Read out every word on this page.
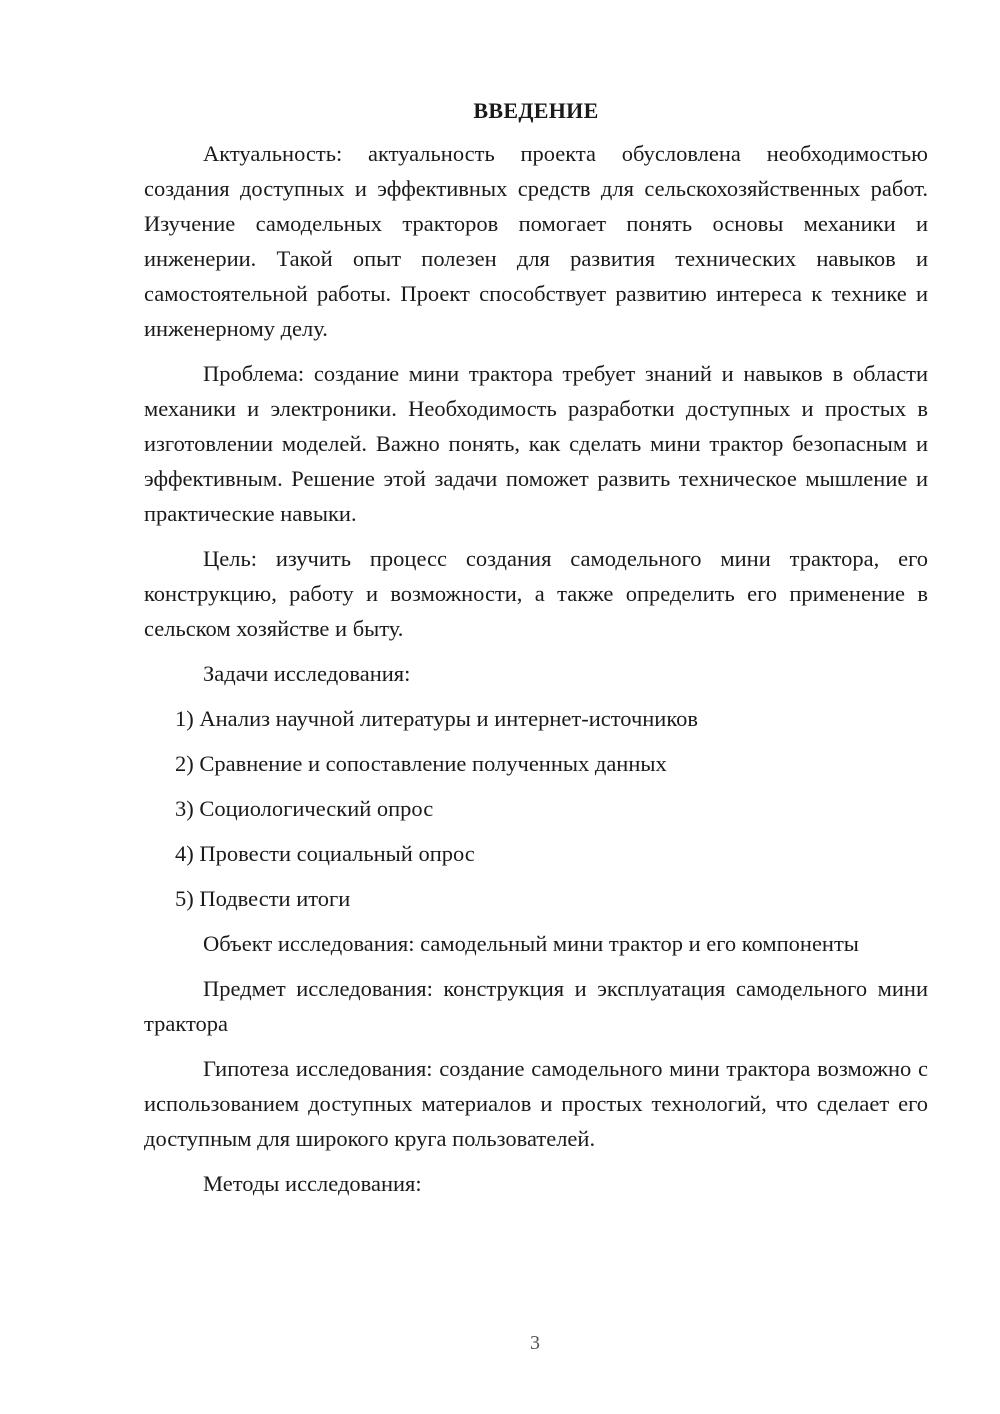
ВВЕДЕНИЕ

Актуальность: актуальность проекта обусловлена необходимостью создания доступных и эффективных средств для сельскохозяйственных работ. Изучение самодельных тракторов помогает понять основы механики и инженерии. Такой опыт полезен для развития технических навыков и самостоятельной работы. Проект способствует развитию интереса к технике и инженерному делу.

Проблема: создание мини трактора требует знаний и навыков в области механики и электроники. Необходимость разработки доступных и простых в изготовлении моделей. Важно понять, как сделать мини трактор безопасным и эффективным. Решение этой задачи поможет развить техническое мышление и практические навыки.

Цель: изучить процесс создания самодельного мини трактора, его конструкцию, работу и возможности, а также определить его применение в сельском хозяйстве и быту.

Задачи исследования:

1) Анализ научной литературы и интернет-источников

2) Сравнение и сопоставление полученных данных

3) Социологический опрос

4) Провести социальный опрос

5) Подвести итоги

Объект исследования: самодельный мини трактор и его компоненты

Предмет исследования: конструкция и эксплуатация самодельного мини трактора

Гипотеза исследования: создание самодельного мини трактора возможно с использованием доступных материалов и простых технологий, что сделает его доступным для широкого круга пользователей.

Методы исследования:

3
